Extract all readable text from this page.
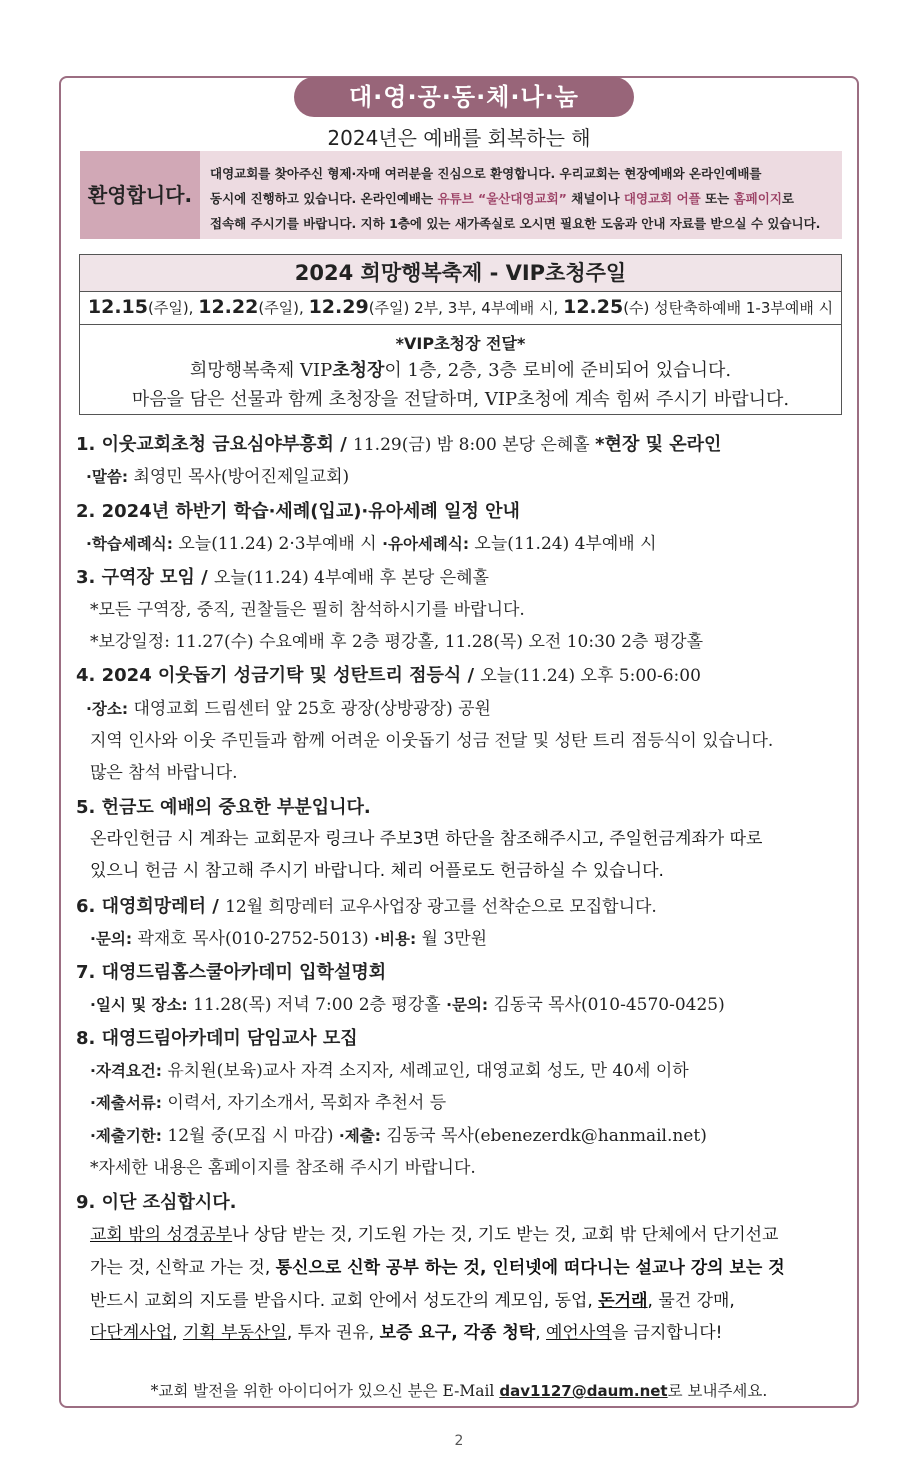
대·영·공·동·체·나·눔
2024년은 예배를 회복하는 해
환영합니다.
대영교회를 찾아주신 형제·자매 여러분을 진심으로 환영합니다. 우리교회는 현장예배와 온라인예배를
동시에 진행하고 있습니다. 온라인예배는 유튜브 “울산대영교회” 채널이나 대영교회 어플 또는 홈페이지로
접속해 주시기를 바랍니다. 지하 1층에 있는 새가족실로 오시면 필요한 도움과 안내 자료를 받으실 수 있습니다.
2024 희망행복축제 - VIP초청주일
12.15(주일), 12.22(주일), 12.29(주일) 2부, 3부, 4부예배 시, 12.25(수) 성탄축하예배 1-3부예배 시
*VIP초청장 전달*
희망행복축제 VIP초청장이 1층, 2층, 3층 로비에 준비되어 있습니다.
마음을 담은 선물과 함께 초청장을 전달하며, VIP초청에 계속 힘써 주시기 바랍니다.
1. 이웃교회초청 금요심야부흥회 / 11.29(금) 밤 8:00 본당 은혜홀 *현장 및 온라인
·말씀: 최영민 목사(방어진제일교회)
2. 2024년 하반기 학습·세례(입교)·유아세례 일정 안내
·학습세례식: 오늘(11.24) 2·3부예배 시 ·유아세례식: 오늘(11.24) 4부예배 시
3. 구역장 모임 / 오늘(11.24) 4부예배 후 본당 은혜홀
*모든 구역장, 중직, 권찰들은 필히 참석하시기를 바랍니다.
*보강일정: 11.27(수) 수요예배 후 2층 평강홀, 11.28(목) 오전 10:30 2층 평강홀
4. 2024 이웃돕기 성금기탁 및 성탄트리 점등식 / 오늘(11.24) 오후 5:00-6:00
·장소: 대영교회 드림센터 앞 25호 광장(상방광장) 공원
지역 인사와 이웃 주민들과 함께 어려운 이웃돕기 성금 전달 및 성탄 트리 점등식이 있습니다.
많은 참석 바랍니다.
5. 헌금도 예배의 중요한 부분입니다.
온라인헌금 시 계좌는 교회문자 링크나 주보3면 하단을 참조해주시고, 주일헌금계좌가 따로
있으니 헌금 시 참고해 주시기 바랍니다. 체리 어플로도 헌금하실 수 있습니다.
6. 대영희망레터 / 12월 희망레터 교우사업장 광고를 선착순으로 모집합니다.
·문의: 곽재호 목사(010-2752-5013) ·비용: 월 3만원
7. 대영드림홈스쿨아카데미 입학설명회
·일시 및 장소: 11.28(목) 저녁 7:00 2층 평강홀 ·문의: 김동국 목사(010-4570-0425)
8. 대영드림아카데미 담임교사 모집
·자격요건: 유치원(보육)교사 자격 소지자, 세례교인, 대영교회 성도, 만 40세 이하
·제출서류: 이력서, 자기소개서, 목회자 추천서 등
·제출기한: 12월 중(모집 시 마감) ·제출: 김동국 목사(ebenezerdk@hanmail.net)
*자세한 내용은 홈페이지를 참조해 주시기 바랍니다.
9. 이단 조심합시다.
교회 밖의 성경공부나 상담 받는 것, 기도원 가는 것, 기도 받는 것, 교회 밖 단체에서 단기선교
가는 것, 신학교 가는 것, 통신으로 신학 공부 하는 것, 인터넷에 떠다니는 설교나 강의 보는 것
반드시 교회의 지도를 받읍시다. 교회 안에서 성도간의 계모임, 동업, 돈거래, 물건 강매,
다단계사업, 기획 부동산일, 투자 권유, 보증 요구, 각종 청탁, 예언사역을 금지합니다!
*교회 발전을 위한 아이디어가 있으신 분은 E-Mail dav1127@daum.net로 보내주세요.
2
